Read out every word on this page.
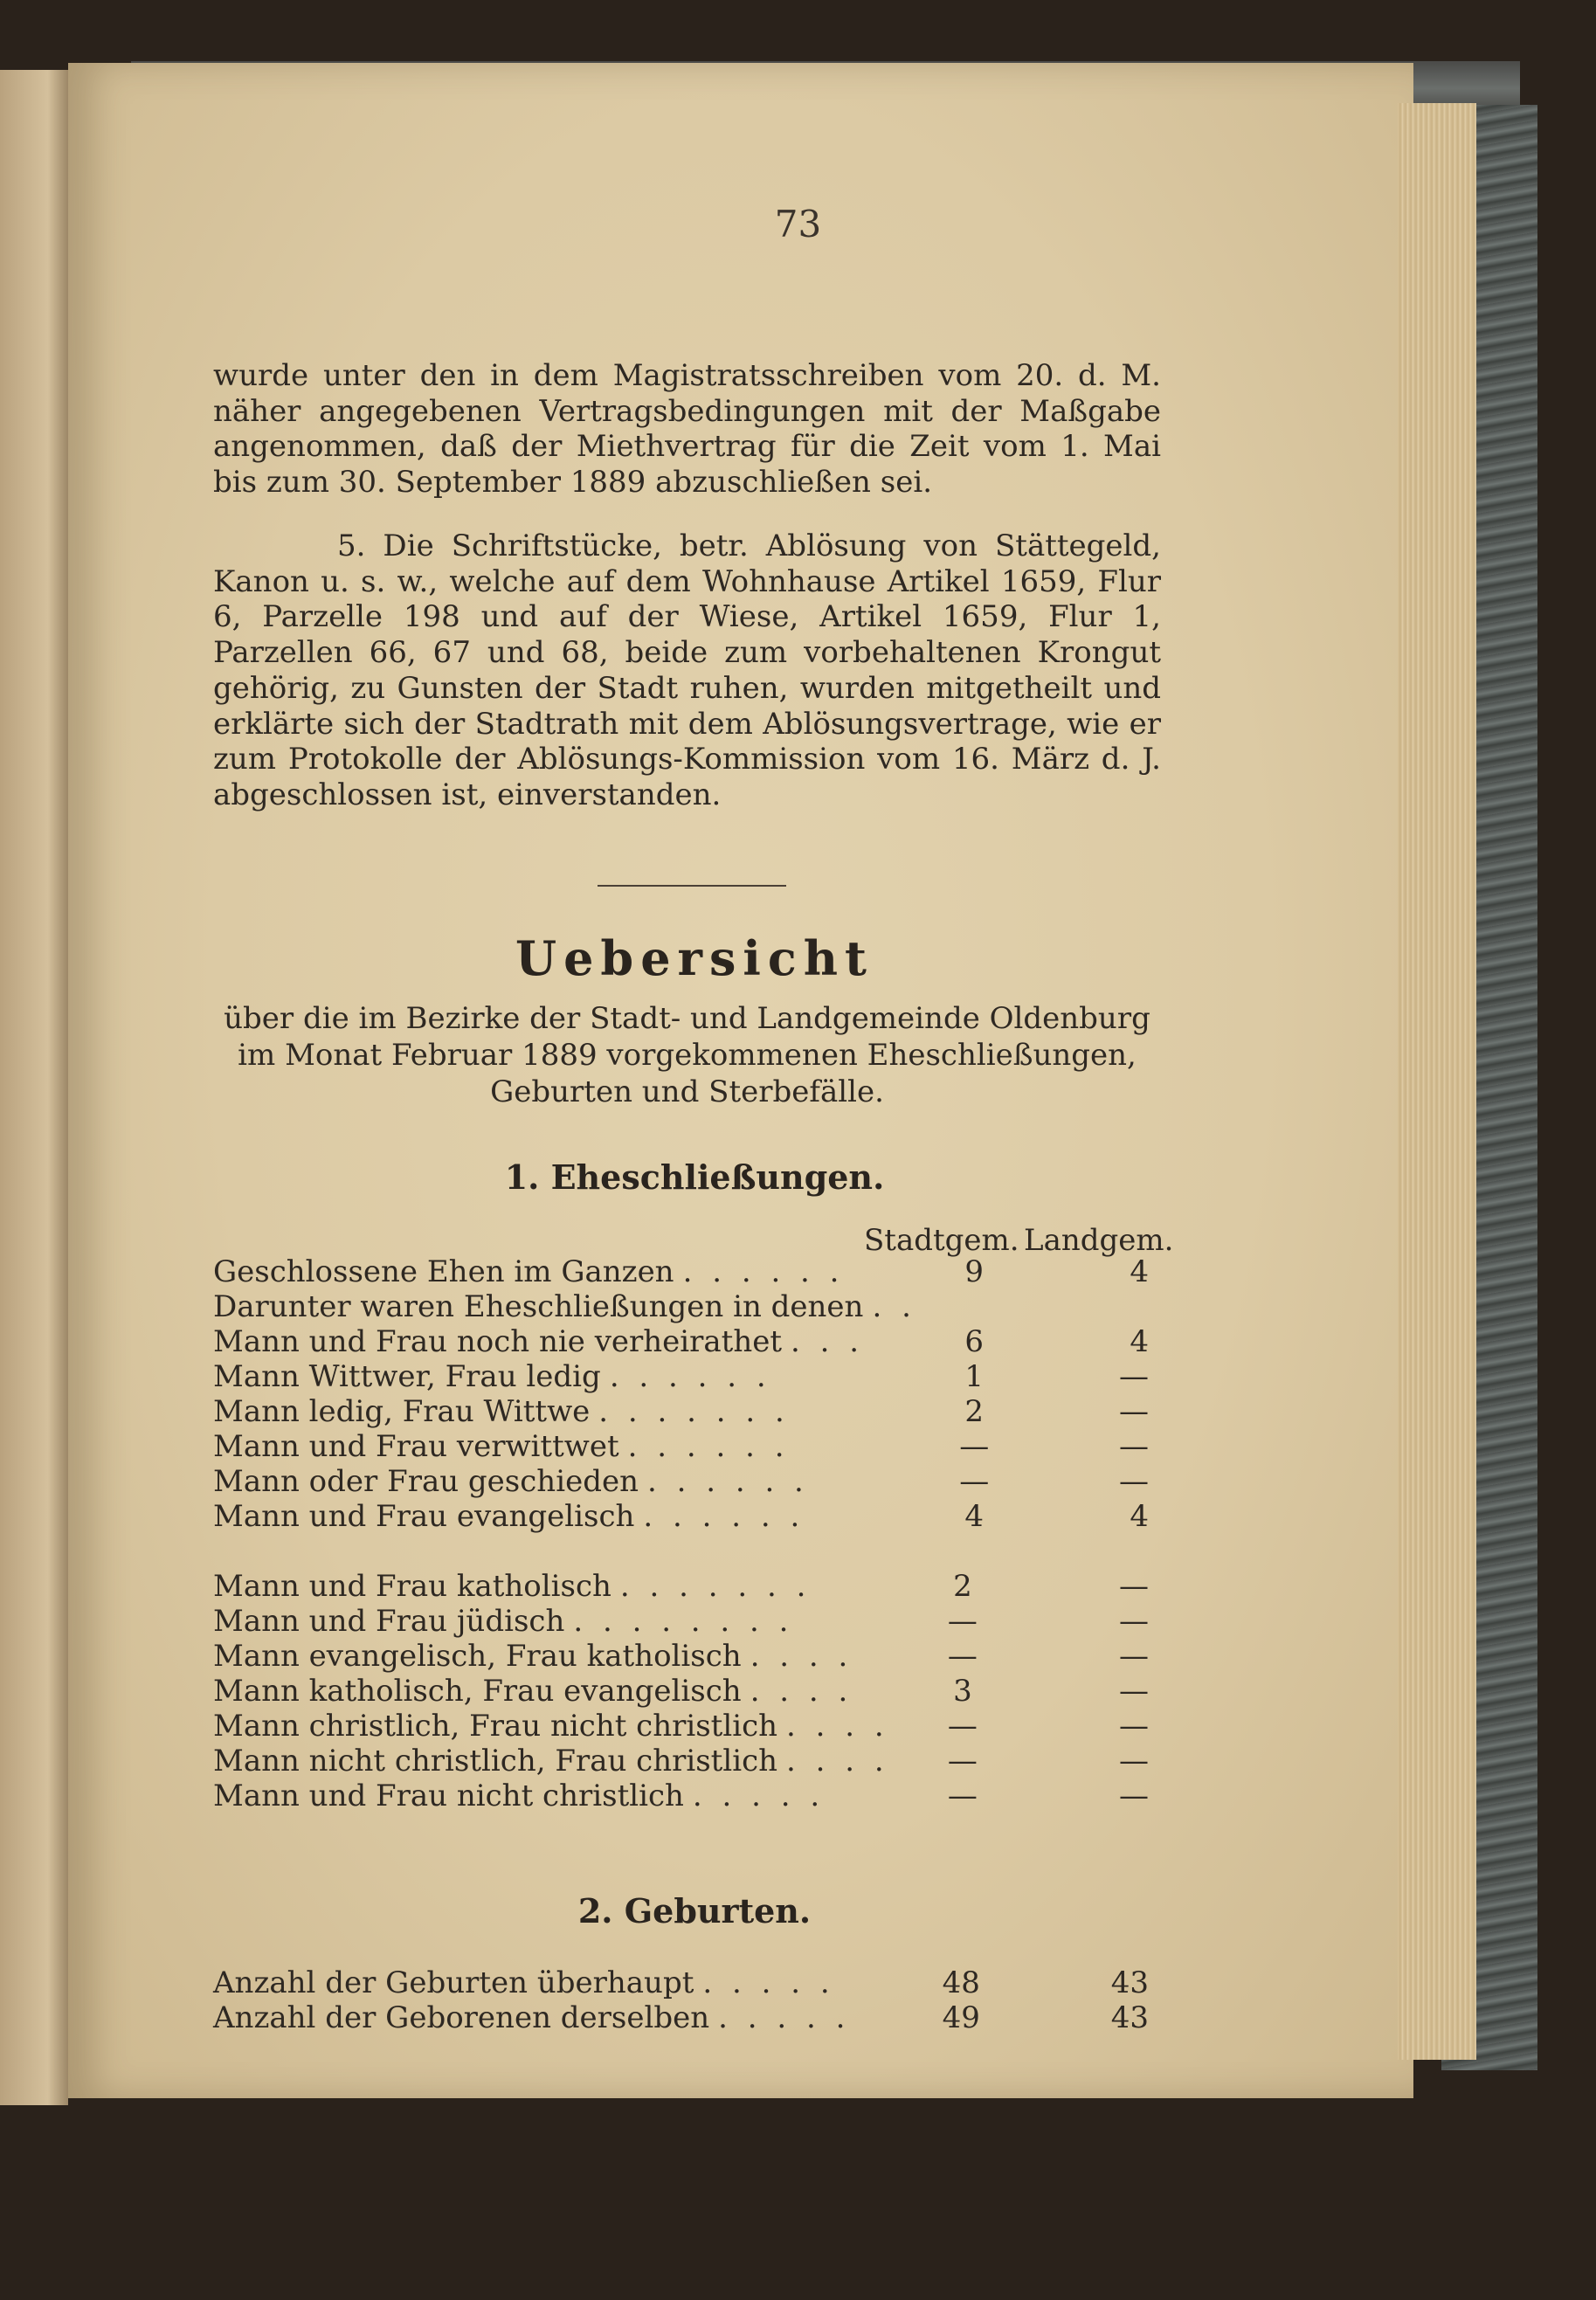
73
wurde unter den in dem Magistratsschreiben vom 20. d. M. näher angegebenen Vertragsbedingungen mit der Maßgabe angenommen, daß der Miethvertrag für die Zeit vom 1. Mai bis zum 30. September 1889 abzuschließen sei.
5. Die Schriftstücke, betr. Ablösung von Stättegeld, Kanon u. s. w., welche auf dem Wohnhause Artikel 1659, Flur 6, Parzelle 198 und auf der Wiese, Artikel 1659, Flur 1, Parzellen 66, 67 und 68, beide zum vorbehaltenen Krongut gehörig, zu Gunsten der Stadt ruhen, wurden mitgetheilt und erklärte sich der Stadtrath mit dem Ablösungsvertrage, wie er zum Protokolle der Ablösungs-Kommission vom 16. März d. J. abgeschlossen ist, einverstanden.
Uebersicht
über die im Bezirke der Stadt- und Landgemeinde Oldenburg im Monat Februar 1889 vorgekommenen Eheschließungen, Geburten und Sterbefälle.
1. Eheschließungen.
Stadtgem. Landgem.
Geschlossene Ehen im Ganzen . . . . . .	9	4
Darunter waren Eheschließungen in denen . .		
Mann und Frau noch nie verheirathet . . .	6	4
Mann Wittwer, Frau ledig . . . . . .	1	—
Mann ledig, Frau Wittwe . . . . . . .	2	—
Mann und Frau verwittwet . . . . . .	—	—
Mann oder Frau geschieden . . . . . .	—	—
Mann und Frau evangelisch . . . . . .	4	4
Mann und Frau katholisch . . . . . . .	2	—
Mann und Frau jüdisch . . . . . . . .	—	—
Mann evangelisch, Frau katholisch . . . .	—	—
Mann katholisch, Frau evangelisch . . . .	3	—
Mann christlich, Frau nicht christlich . . . .	—	—
Mann nicht christlich, Frau christlich . . . .	—	—
Mann und Frau nicht christlich . . . . .	—	—
2. Geburten.
Anzahl der Geburten überhaupt . . . . .	48	43
Anzahl der Geborenen derselben . . . . .	49	43
